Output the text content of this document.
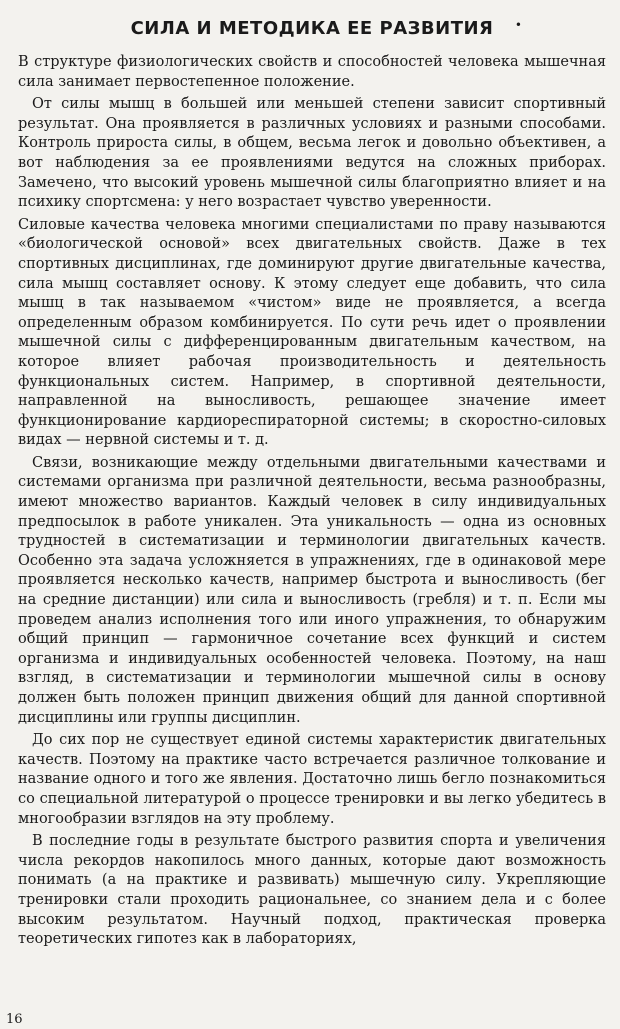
•
СИЛА И МЕТОДИКА ЕЕ РАЗВИТИЯ

В структуре физиологических свойств и способностей человека мышечная сила занимает первостепенное положение.

От силы мышц в большей или меньшей степени зависит спортивный результат. Она проявляется в различных условиях и разными способами. Контроль прироста силы, в общем, весьма легок и довольно объективен, а вот наблюдения за ее проявлениями ведутся на сложных приборах. Замечено, что высокий уровень мышечной силы благоприятно влияет и на психику спортсмена: у него возрастает чувство уверенности.

Силовые качества человека многими специалистами по праву называются «биологической основой» всех двигательных свойств. Даже в тех спортивных дисциплинах, где доминируют другие двигательные качества, сила мышц составляет основу. К этому следует еще добавить, что сила мышц в так называемом «чистом» виде не проявляется, а всегда определенным образом комбинируется. По сути речь идет о проявлении мышечной силы с дифференцированным двигательным качеством, на которое влияет рабочая производительность и деятельность функциональных систем. Например, в спортивной деятельности, направленной на выносливость, решающее значение имеет функционирование кардиореспираторной системы; в скоростно-силовых видах — нервной системы и т. д.

Связи, возникающие между отдельными двигательными качествами и системами организма при различной деятельности, весьма разнообразны, имеют множество вариантов. Каждый человек в силу индивидуальных предпосылок в работе уникален. Эта уникальность — одна из основных трудностей в систематизации и терминологии двигательных качеств. Особенно эта задача усложняется в упражнениях, где в одинаковой мере проявляется несколько качеств, например быстрота и выносливость (бег на средние дистанции) или сила и выносливость (гребля) и т. п. Если мы проведем анализ исполнения того или иного упражнения, то обнаружим общий принцип — гармоничное сочетание всех функций и систем организма и индивидуальных особенностей человека. Поэтому, на наш взгляд, в систематизации и терминологии мышечной силы в основу должен быть положен принцип движения общий для данной спортивной дисциплины или группы дисциплин.

До сих пор не существует единой системы характеристик двигательных качеств. Поэтому на практике часто встречается различное толкование и название одного и того же явления. Достаточно лишь бегло познакомиться со специальной литературой о процессе тренировки и вы легко убедитесь в многообразии взглядов на эту проблему.

В последние годы в результате быстрого развития спорта и увеличения числа рекордов накопилось много данных, которые дают возможность понимать (а на практике и развивать) мышечную силу. Укрепляющие тренировки стали проходить рациональнее, со знанием дела и с более высоким результатом. Научный подход, практическая проверка теоретических гипотез как в лабораториях,

16
